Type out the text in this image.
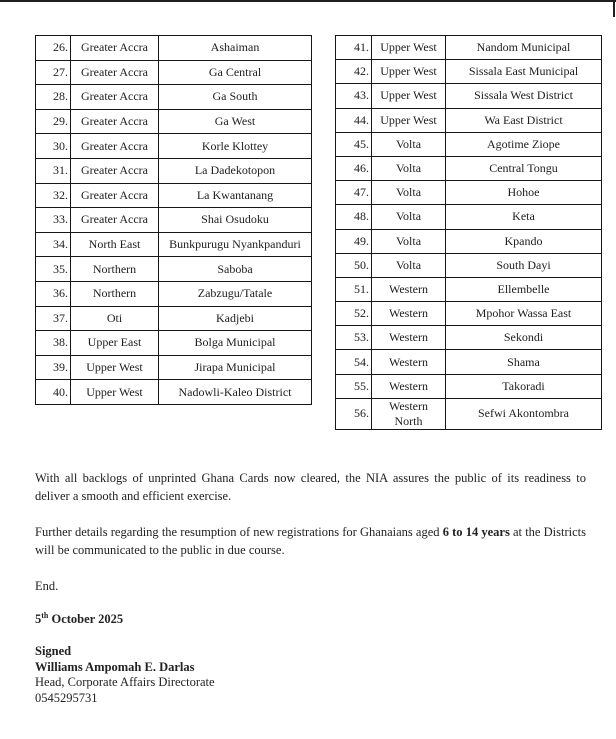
26.	Greater Accra	Ashaiman
27.	Greater Accra	Ga Central
28.	Greater Accra	Ga South
29.	Greater Accra	Ga West
30.	Greater Accra	Korle Klottey
31.	Greater Accra	La Dadekotopon
32.	Greater Accra	La Kwantanang
33.	Greater Accra	Shai Osudoku
34.	North East	Bunkpurugu Nyankpanduri
35.	Northern	Saboba
36.	Northern	Zabzugu/Tatale
37.	Oti	Kadjebi
38.	Upper East	Bolga Municipal
39.	Upper West	Jirapa Municipal
40.	Upper West	Nadowli-Kaleo District
41.	Upper West	Nandom Municipal
42.	Upper West	Sissala East Municipal
43.	Upper West	Sissala West District
44.	Upper West	Wa East District
45.	Volta	Agotime Ziope
46.	Volta	Central Tongu
47.	Volta	Hohoe
48.	Volta	Keta
49.	Volta	Kpando
50.	Volta	South Dayi
51.	Western	Ellembelle
52.	Western	Mpohor Wassa East
53.	Western	Sekondi
54.	Western	Shama
55.	Western	Takoradi
56.	Western North	Sefwi Akontombra

With all backlogs of unprinted Ghana Cards now cleared, the NIA assures the public of its readiness to deliver a smooth and efficient exercise.

Further details regarding the resumption of new registrations for Ghanaians aged 6 to 14 years at the Districts will be communicated to the public in due course.

End.

5th October 2025

Signed
Williams Ampomah E. Darlas
Head, Corporate Affairs Directorate
0545295731
